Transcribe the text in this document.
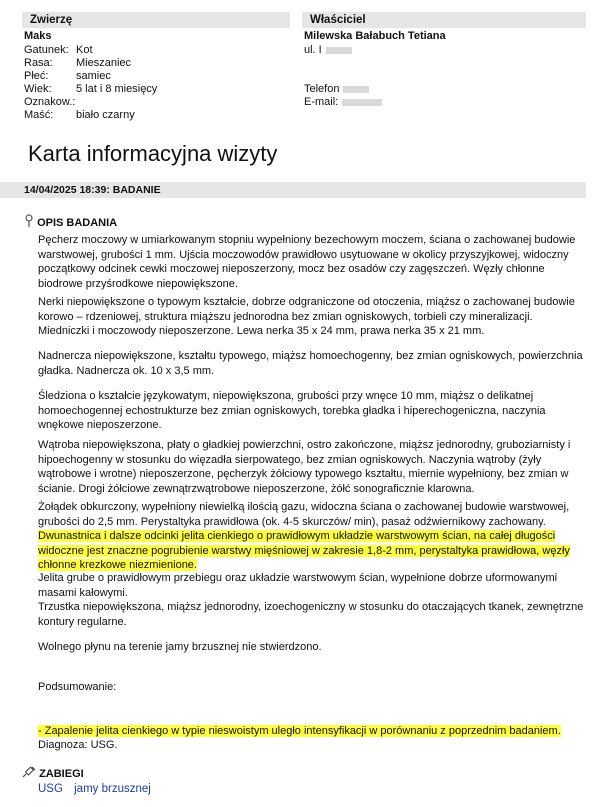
Zwierzę
Maks
Gatunek: Kot
Rasa: Mieszaniec
Płeć:	samiec
Wiek: 5 lat i 8 miesięcy
Oznakow.:
Maść: biało czarny
Właściciel
Milewska Bałabuch Tetiana
ul. I
Telefon
E-mail:
Karta informacyjna wizyty
14/04/2025 18:39: BADANIE
OPIS BADANIA

Pęcherz moczowy w umiarkowanym stopniu wypełniony bezechowym moczem, ściana o zachowanej budowie warstwowej, grubości 1 mm. Ujścia moczowodów prawidłowo usytuowane w okolicy przyszyjkowej, widoczny początkowy odcinek cewki moczowej nieposzerzony, mocz bez osadów czy zagęszczeń. Węzły chłonne biodrowe przyśrodkowe niepowiększone.

Nerki niepowiększone o typowym kształcie, dobrze odgraniczone od otoczenia, miąższ o zachowanej budowie korowo – rdzeniowej, struktura miąższu jednorodna bez zmian ogniskowych, torbieli czy mineralizacji. Miedniczki i moczowody nieposzerzone. Lewa nerka 35 x 24 mm, prawa nerka 35 x 21 mm.

Nadnercza niepowiększone, kształtu typowego, miąższ homoechogenny, bez zmian ogniskowych, powierzchnia gładka. Nadnercza ok. 10 x 3,5 mm.

Śledziona o kształcie językowatym, niepowiększona, grubości przy wnęce 10 mm, miąższ o delikatnej homoechogennej echostrukturze bez zmian ogniskowych, torebka gładka i hiperechogeniczna, naczynia wnękowe nieposzerzone.

Wątroba niepowiększona, płaty o gładkiej powierzchni, ostro zakończone, miąższ jednorodny, gruboziarnisty i hipoechogenny w stosunku do więzadła sierpowatego, bez zmian ogniskowych. Naczynia wątroby (żyły wątrobowe i wrotne) nieposzerzone, pęcherzyk żółciowy typowego kształtu, miernie wypełniony, bez zmian w ścianie. Drogi żółciowe zewnątrzwątrobowe nieposzerzone, żółć sonograficznie klarowna.

Żołądek obkurczony, wypełniony niewielką ilością gazu, widoczna ściana o zachowanej budowie warstwowej, grubości do 2,5 mm. Perystaltyka prawidłowa (ok. 4-5 skurczów/ min), pasaż odźwiernikowy zachowany.

Dwunastnica i dalsze odcinki jelita cienkiego o prawidłowym układzie warstwowym ścian, na całej długości widoczne jest znaczne pogrubienie warstwy mięśniowej w zakresie 1,8-2 mm, perystaltyka prawidłowa, węzły chłonne krezkowe niezmienione.

Jelita grube o prawidłowym przebiegu oraz układzie warstwowym ścian, wypełnione dobrze uformowanymi masami kałowymi.

Trzustka niepowiększona, miąższ jednorodny, izoechogeniczny w stosunku do otaczających tkanek, zewnętrzne kontury regularne.

Wolnego płynu na terenie jamy brzusznej nie stwierdzono.

Podsumowanie:

- Zapalenie jelita cienkiego w typie nieswoistym uległo intensyfikacji w porównaniu z poprzednim badaniem.

Diagnoza: USG.

ZABIEGI
USG jamy brzusznej
